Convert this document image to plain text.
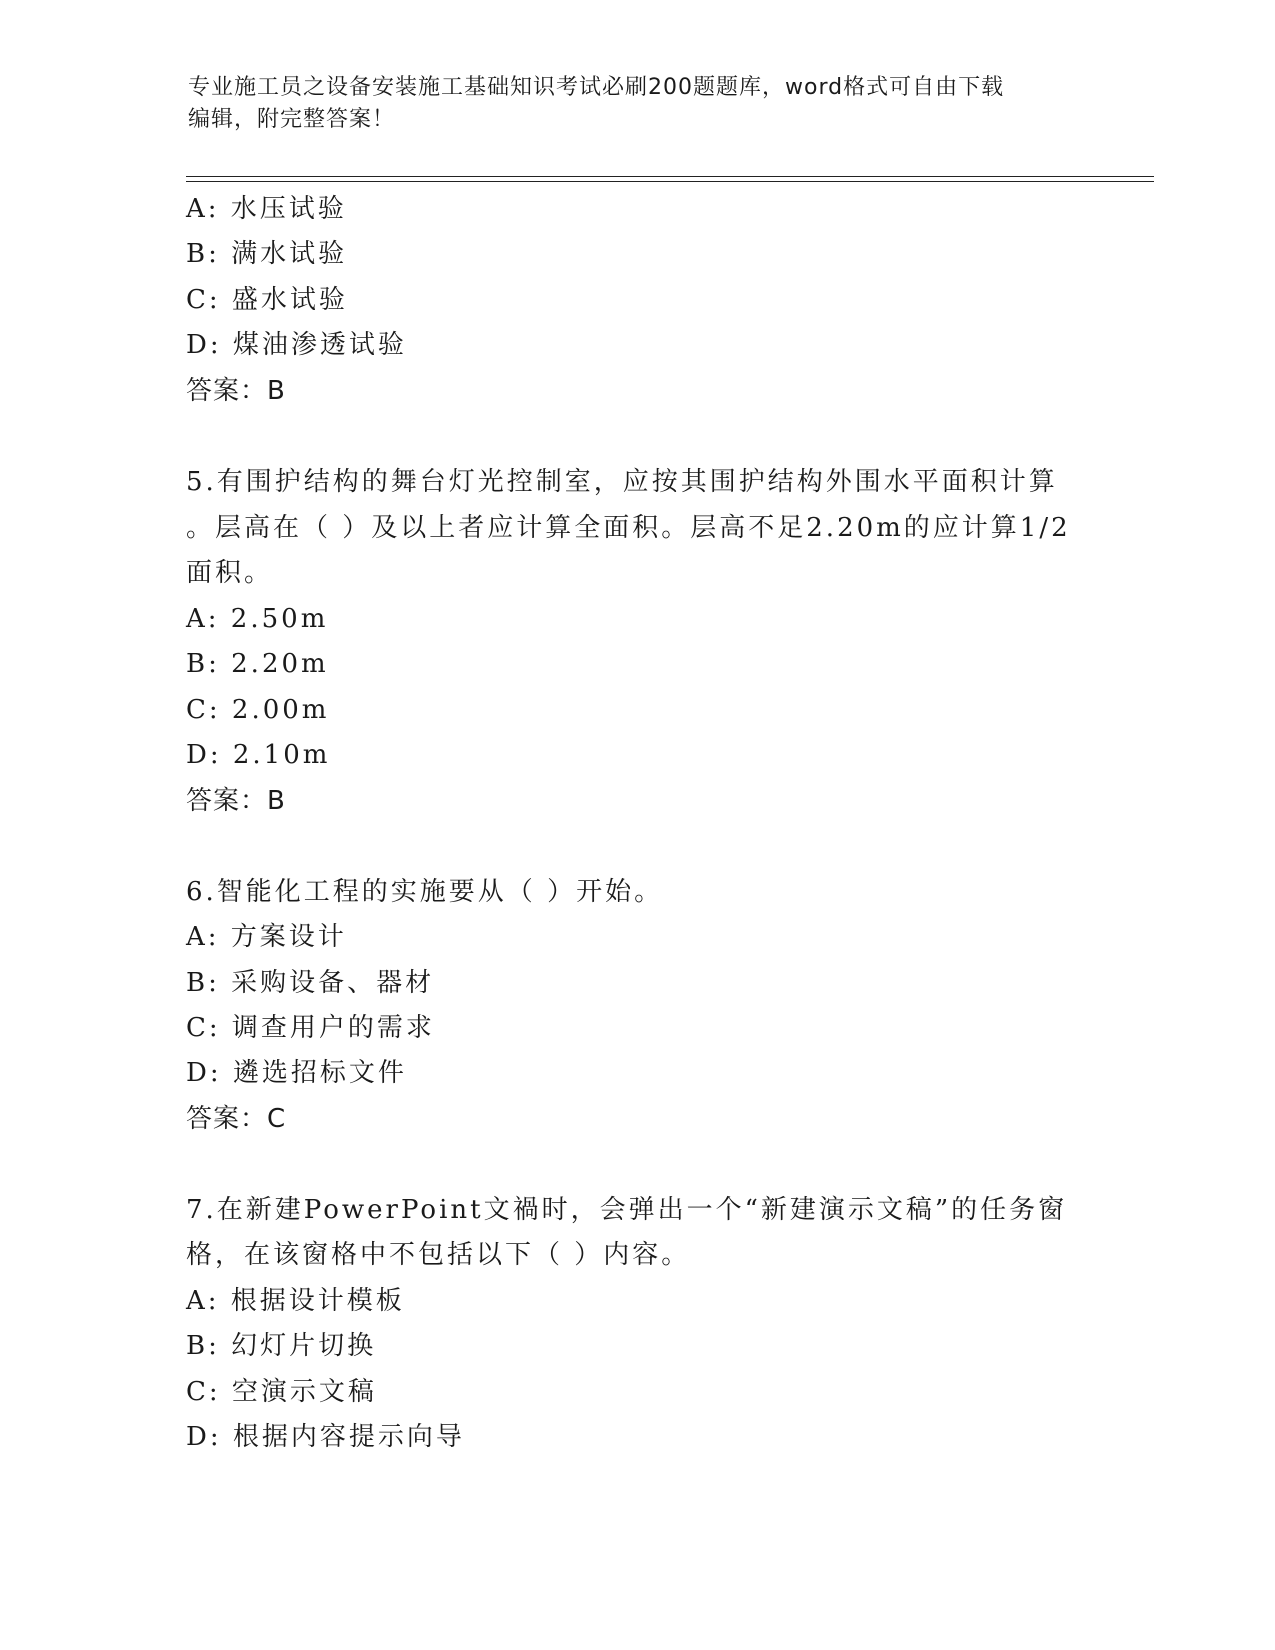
专业施工员之设备安装施工基础知识考试必刷200题题库，word格式可自由下载
编辑，附完整答案！
A: 水压试验
B: 满水试验
C: 盛水试验
D: 煤油渗透试验
答案：B
5.有围护结构的舞台灯光控制室，应按其围护结构外围水平面积计算
。层高在（ ）及以上者应计算全面积。层高不足2.20m的应计算1/2
面积。
A: 2.50m
B: 2.20m
C: 2.00m
D: 2.10m
答案：B
6.智能化工程的实施要从（ ）开始。
A: 方案设计
B: 采购设备、器材
C: 调查用户的需求
D: 遴选招标文件
答案：C
7.在新建PowerPoint文禍时，会弹出一个“新建演示文稿”的任务窗
格，在该窗格中不包括以下（ ）内容。
A: 根据设计模板
B: 幻灯片切换
C: 空演示文稿
D: 根据内容提示向导
